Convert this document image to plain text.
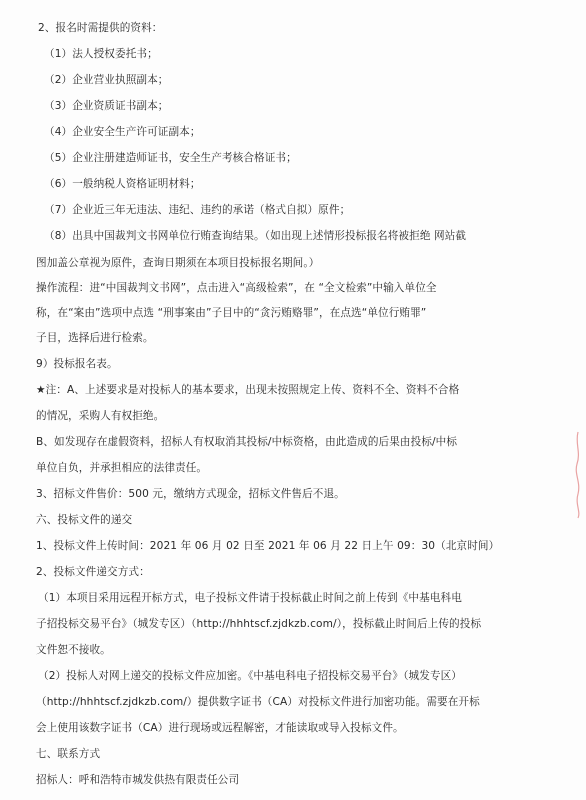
2、报名时需提供的资料：
（1）法人授权委托书；
（2）企业营业执照副本；
（3）企业资质证书副本；
（4）企业安全生产许可证副本；
（5）企业注册建造师证书，安全生产考核合格证书；
（6）一般纳税人资格证明材料；
（7）企业近三年无违法、违纪、违约的承诺（格式自拟）原件；
（8）出具中国裁判文书网单位行贿查询结果。（如出现上述情形投标报名将被拒绝 网站截
图加盖公章视为原件，查询日期须在本项目投标报名期间。）
操作流程：进“中国裁判文书网”，点击进入“高级检索”，在 “全文检索”中输入单位全
称，在“案由”选项中点选 “刑事案由”子目中的“贪污贿赂罪”，在点选“单位行贿罪”
子目，选择后进行检索。
9）投标报名表。
★注：A、上述要求是对投标人的基本要求，出现未按照规定上传、资料不全、资料不合格
的情况，采购人有权拒绝。
B、如发现存在虚假资料，招标人有权取消其投标/中标资格，由此造成的后果由投标/中标
单位自负，并承担相应的法律责任。
3、招标文件售价：500 元，缴纳方式现金，招标文件售后不退。
六、投标文件的递交
1、投标文件上传时间：2021 年 06 月 02 日至 2021 年 06 月 22 日上午 09：30（北京时间）
2、投标文件递交方式：
（1）本项目采用远程开标方式，电子投标文件请于投标截止时间之前上传到《中基电科电
子招投标交易平台》（城发专区）（http://hhhtscf.zjdkzb.com/），投标截止时间后上传的投标
文件恕不接收。
（2）投标人对网上递交的投标文件应加密。《中基电科电子招投标交易平台》（城发专区）
（http://hhhtscf.zjdkzb.com/）提供数字证书（CA）对投标文件进行加密功能。需要在开标
会上使用该数字证书（CA）进行现场或远程解密，才能读取或导入投标文件。
七、联系方式
招标人：呼和浩特市城发供热有限责任公司
